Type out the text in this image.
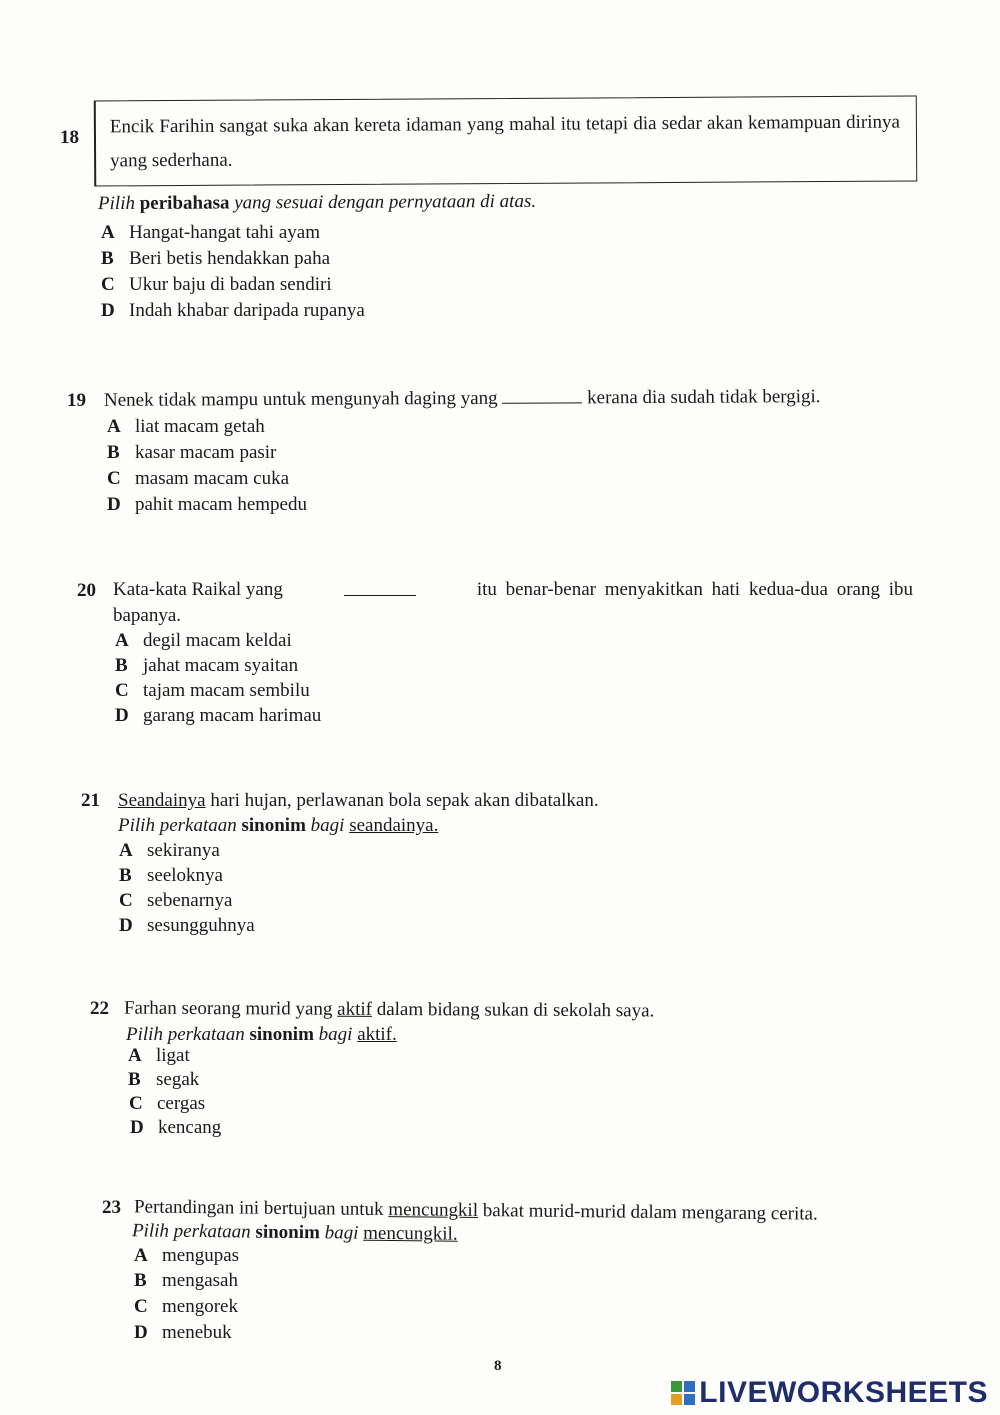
18
Encik Farihin sangat suka akan kereta idaman yang mahal itu tetapi dia sedar akan kemampuan dirinya yang sederhana.
Pilih peribahasa yang sesuai dengan pernyataan di atas.
A Hangat-hangat tahi ayam
B Beri betis hendakkan paha
C Ukur baju di badan sendiri
D Indah khabar daripada rupanya
19 Nenek tidak mampu untuk mengunyah daging yang	kerana dia sudah tidak bergigi.
A liat macam getah
B kasar macam pasir
C masam macam cuka
D pahit macam hempedu
20 Kata-kata Raikal yang	itu benar-benar menyakitkan hati kedua-dua orang ibu
bapanya.
A degil macam keldai
B jahat macam syaitan
C tajam macam sembilu
D garang macam harimau
21 Seandainya hari hujan, perlawanan bola sepak akan dibatalkan.
Pilih perkataan sinonim bagi seandainya.
A sekiranya
B seeloknya
C sebenarnya
D sesungguhnya
22 Farhan seorang murid yang aktif dalam bidang sukan di sekolah saya.
Pilih perkataan sinonim bagi aktif.
A ligat
B segak
C cergas
D kencang
23 Pertandingan ini bertujuan untuk mencungkil bakat murid-murid dalam mengarang cerita.
Pilih perkataan sinonim bagi mencungkil.
A mengupas
B mengasah
C mengorek
D menebuk
8
LIVEWORKSHEETS
